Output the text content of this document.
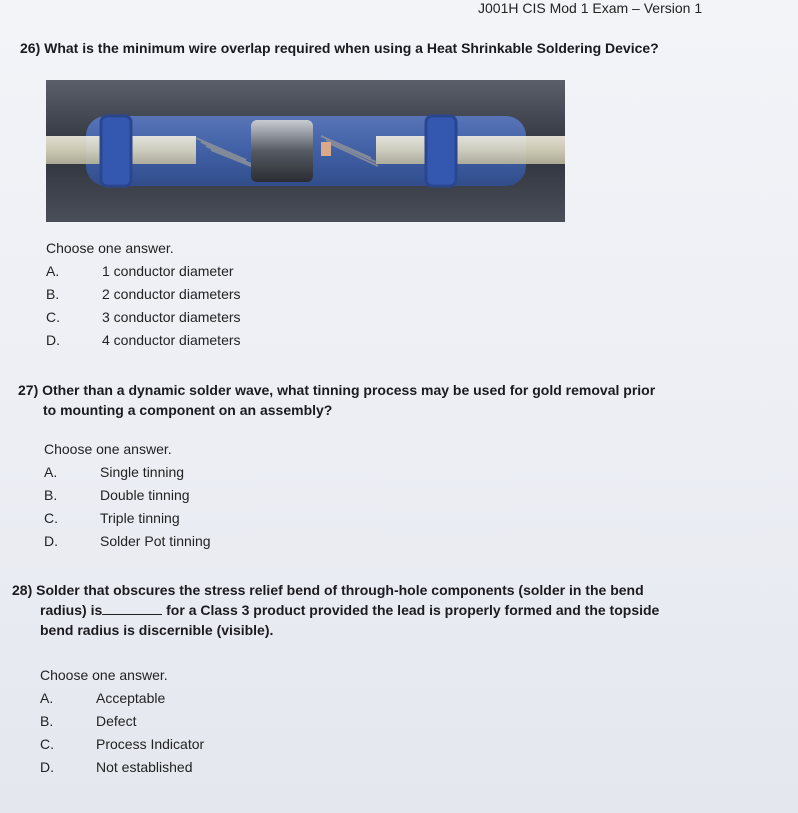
J001H CIS Mod 1 Exam – Version 1
26) What is the minimum wire overlap required when using a Heat Shrinkable Soldering Device?
Choose one answer.
A.	1 conductor diameter
B.	2 conductor diameters
C.	3 conductor diameters
D.	4 conductor diameters
27) Other than a dynamic solder wave, what tinning process may be used for gold removal prior
to mounting a component on an assembly?
Choose one answer.
A.	Single tinning
B.	Double tinning
C.	Triple tinning
D.	Solder Pot tinning
28) Solder that obscures the stress relief bend of through-hole components (solder in the bend
radius) is	for a Class 3 product provided the lead is properly formed and the topside
bend radius is discernible (visible).
Choose one answer.
A.	Acceptable
B.	Defect
C.	Process Indicator
D.	Not established
